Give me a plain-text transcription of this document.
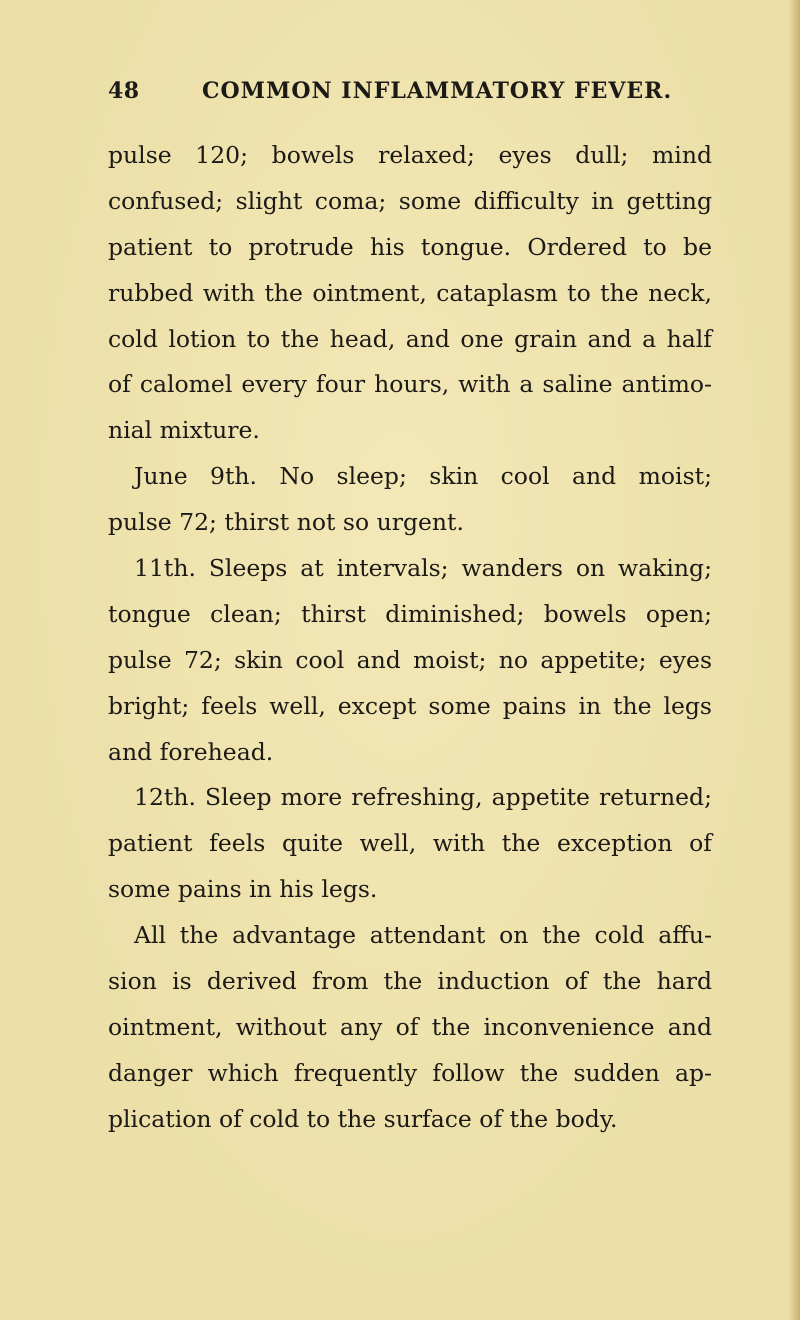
48	COMMON INFLAMMATORY FEVER.
pulse 120; bowels relaxed; eyes dull; mind
confused; slight coma; some difficulty in getting
patient to protrude his tongue. Ordered to be
rubbed with the ointment, cataplasm to the neck,
cold lotion to the head, and one grain and a half
of calomel every four hours, with a saline antimo-
nial mixture.
June 9th. No sleep; skin cool and moist;
pulse 72; thirst not so urgent.
11th. Sleeps at intervals; wanders on waking;
tongue clean; thirst diminished; bowels open;
pulse 72; skin cool and moist; no appetite; eyes
bright; feels well, except some pains in the legs
and forehead.
12th. Sleep more refreshing, appetite returned;
patient feels quite well, with the exception of
some pains in his legs.
All the advantage attendant on the cold affu-
sion is derived from the induction of the hard
ointment, without any of the inconvenience and
danger which frequently follow the sudden ap-
plication of cold to the surface of the body.
